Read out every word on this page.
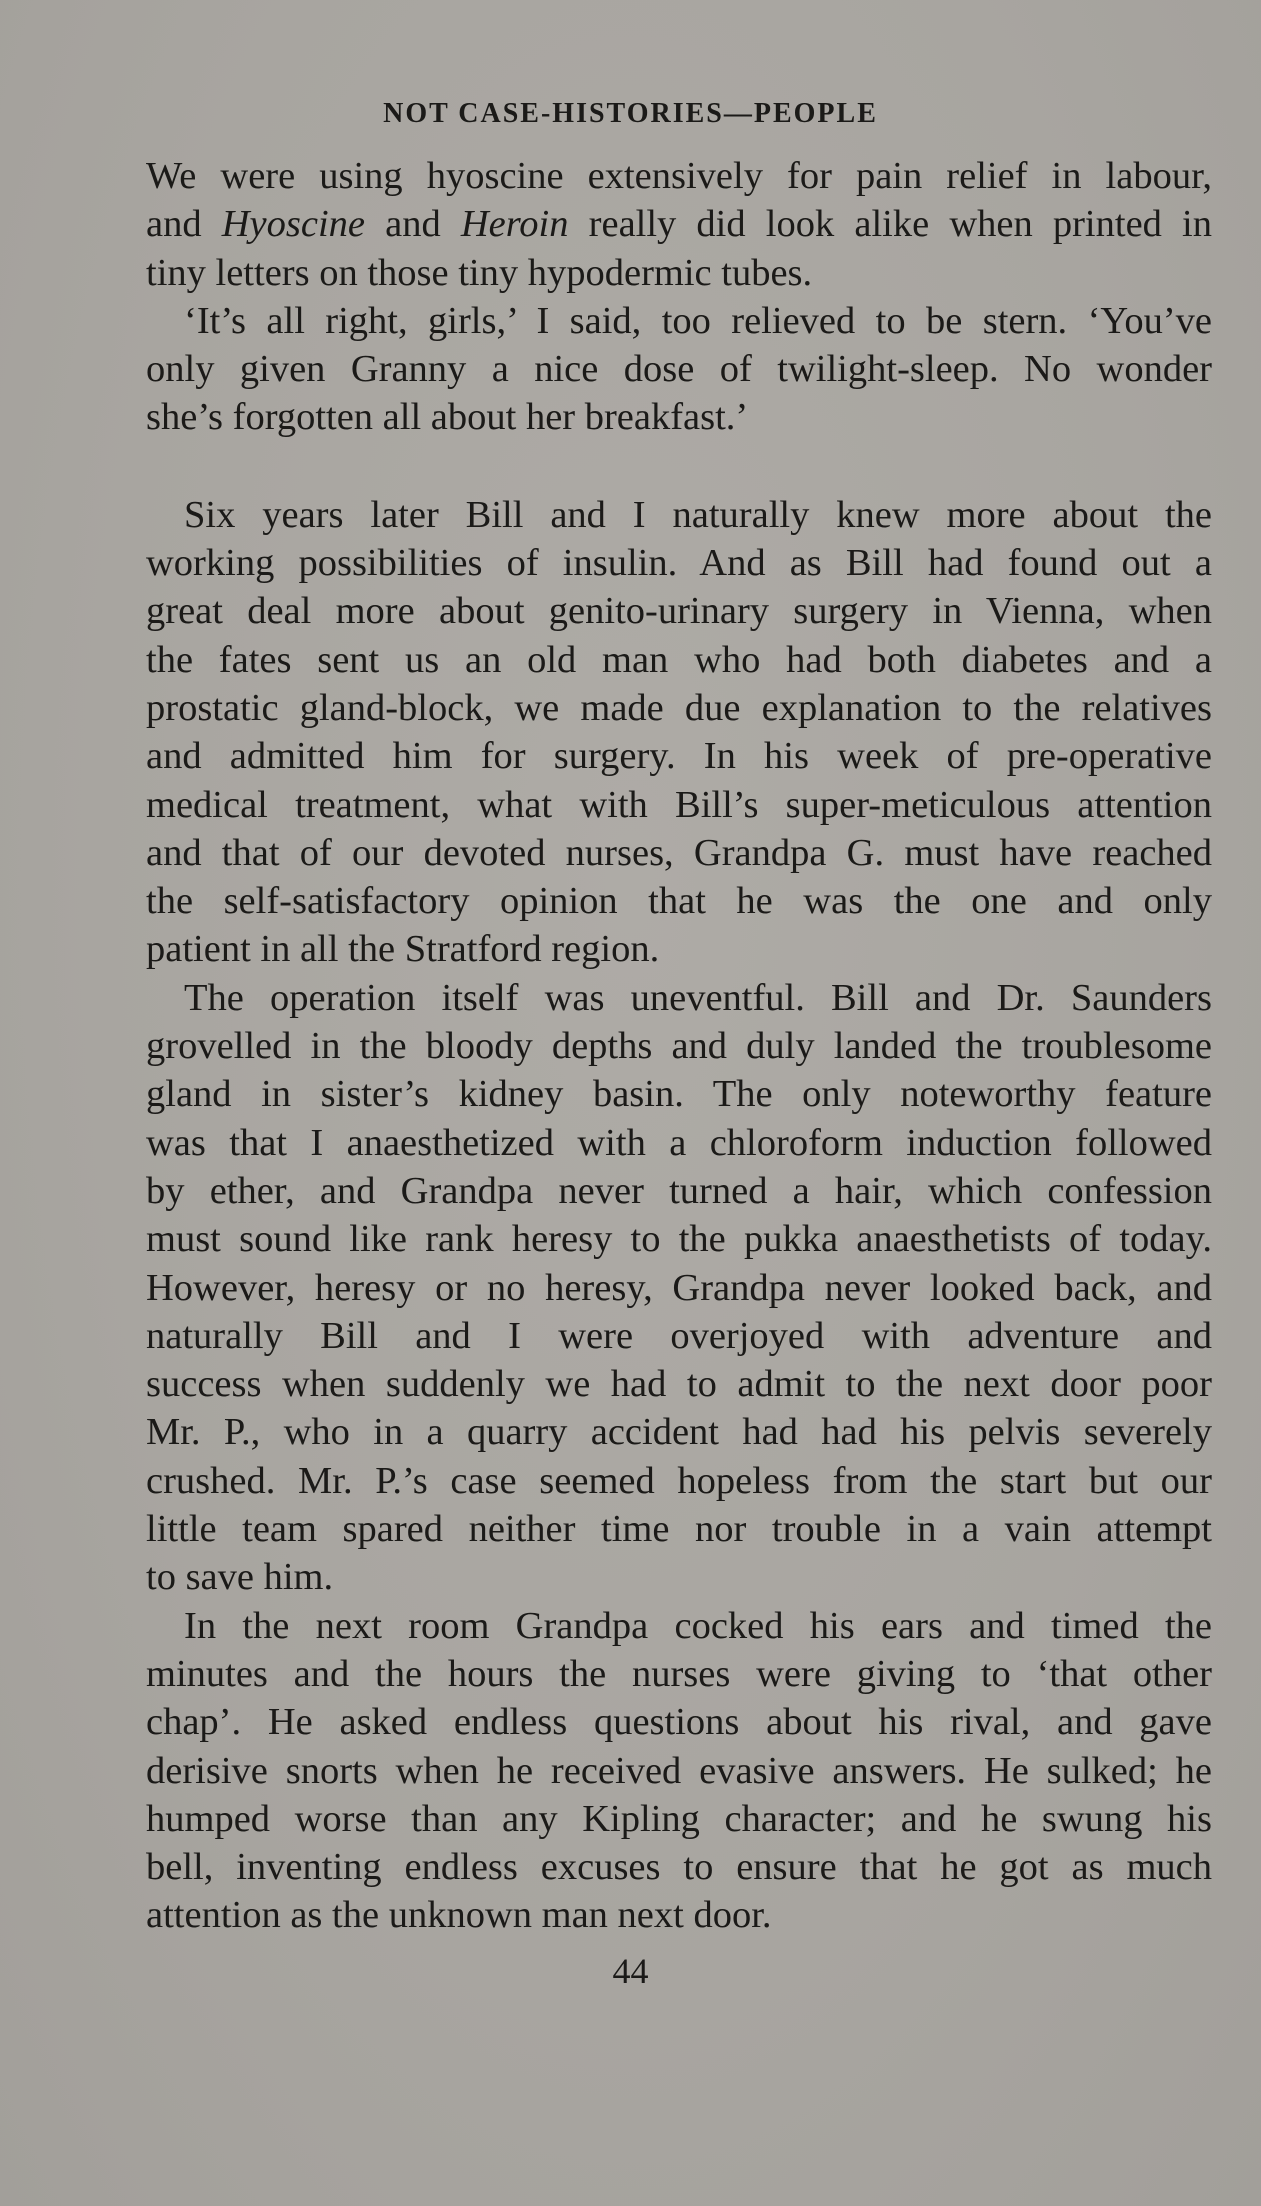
NOT CASE-HISTORIES—PEOPLE
We were using hyoscine extensively for pain relief in labour,
and Hyoscine and Heroin really did look alike when printed in
tiny letters on those tiny hypodermic tubes.
‘It’s all right, girls,’ I said, too relieved to be stern. ‘You’ve
only given Granny a nice dose of twilight-sleep. No wonder
she’s forgotten all about her breakfast.’
Six years later Bill and I naturally knew more about the
working possibilities of insulin. And as Bill had found out a
great deal more about genito-urinary surgery in Vienna, when
the fates sent us an old man who had both diabetes and a
prostatic gland-block, we made due explanation to the relatives
and admitted him for surgery. In his week of pre-operative
medical treatment, what with Bill’s super-meticulous attention
and that of our devoted nurses, Grandpa G. must have reached
the self-satisfactory opinion that he was the one and only
patient in all the Stratford region.
The operation itself was uneventful. Bill and Dr. Saunders
grovelled in the bloody depths and duly landed the troublesome
gland in sister’s kidney basin. The only noteworthy feature
was that I anaesthetized with a chloroform induction followed
by ether, and Grandpa never turned a hair, which confession
must sound like rank heresy to the pukka anaesthetists of today.
However, heresy or no heresy, Grandpa never looked back, and
naturally Bill and I were overjoyed with adventure and
success when suddenly we had to admit to the next door poor
Mr. P., who in a quarry accident had had his pelvis severely
crushed. Mr. P.’s case seemed hopeless from the start but our
little team spared neither time nor trouble in a vain attempt
to save him.
In the next room Grandpa cocked his ears and timed the
minutes and the hours the nurses were giving to ‘that other
chap’. He asked endless questions about his rival, and gave
derisive snorts when he received evasive answers. He sulked; he
humped worse than any Kipling character; and he swung his
bell, inventing endless excuses to ensure that he got as much
attention as the unknown man next door.
44
